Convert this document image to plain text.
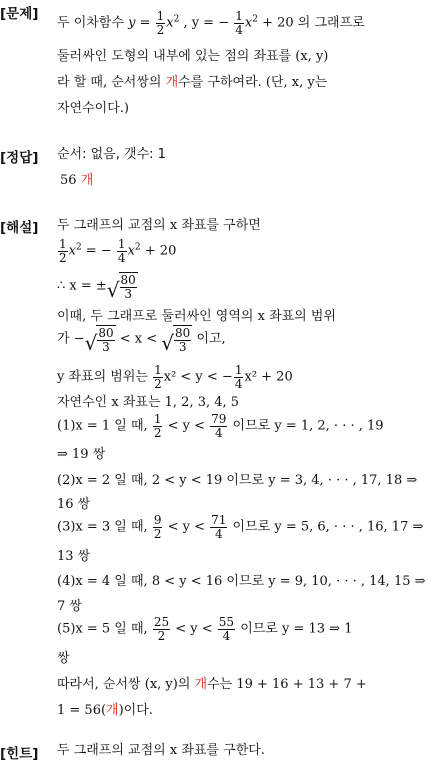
[문제]
두 이차함수 $y = \frac{1}{2} x^2$ , y = − $\frac{1}{4} x^2 + 20$ 의 그래프로
둘러싸인 도형의 내부에 있는 점의 좌표를 (x, y)
라 할 때, 순서쌍의 개수를 구하여라. (단, x, y는
자연수이다.)
[정답] 순서: 없음, 갯수: 1
56 개
[해설] 두 그래프의 교점의 x 좌표를 구하면
$\frac{1}{2} x^2$ = − $\frac{1}{4} x^2 + 20$
∴ x = ± √ $\frac{80}{3}$
이때, 두 그래프로 둘러싸인 영역의 x 좌표의 범위
가 − √ $\frac{80}{3} < x$ < √ $\frac{80}{3}$ 이고,
y 좌표의 범위는 $\frac{1}{2} x^2 < y$ < − $\frac{1}{4} x^2 + 20$
자연수인 x 좌표는 1, 2, 3, 4, 5
(1)x = 1 일 때, $\frac{1}{2} < y < \frac{79}{4}$ 이므로 y = 1, 2, · · · , 19
⇒ 19 쌍
(2)x = 2 일 때, 2 < y < 19 이므로 y = 3, 4, · · · , 17, 18 ⇒
16 쌍
(3)x = 3 일 때, $\frac{9}{2} < y < \frac{71}{4}$ 이므로 y = 5, 6, · · · , 16, 17 ⇒
13 쌍
(4)x = 4 일 때, 8 < y < 16 이므로 y = 9, 10, · · · , 14, 15 ⇒
7 쌍
(5)x = 5 일 때, $\frac{25}{2} < y < \frac{55}{4}$ 이므로 y = 13 ⇒ 1
쌍
따라서, 순서쌍 (x, y)의 개수는 19 + 16 + 13 + 7 +
1 = 56(개)이다.
[힌트] 두 그래프의 교점의 x 좌표를 구한다.
